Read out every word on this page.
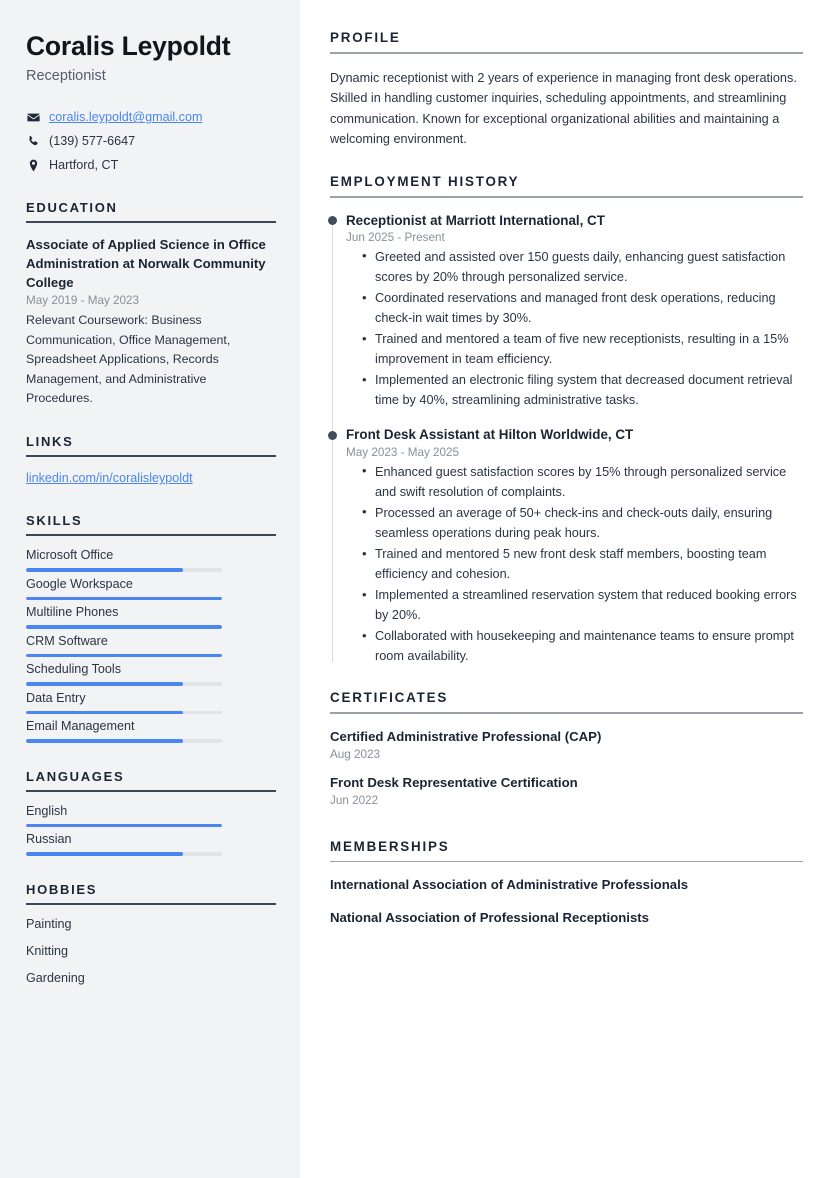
Coralis Leypoldt
Receptionist
coralis.leypoldt@gmail.com
(139) 577-6647
Hartford, CT
EDUCATION
Associate of Applied Science in Office Administration at Norwalk Community College
May 2019 - May 2023
Relevant Coursework: Business Communication, Office Management, Spreadsheet Applications, Records Management, and Administrative Procedures.
LINKS
linkedin.com/in/coralisleypoldt
SKILLS
Microsoft Office
Google Workspace
Multiline Phones
CRM Software
Scheduling Tools
Data Entry
Email Management
LANGUAGES
English
Russian
HOBBIES
Painting
Knitting
Gardening
PROFILE

Dynamic receptionist with 2 years of experience in managing front desk operations. Skilled in handling customer inquiries, scheduling appointments, and streamlining communication. Known for exceptional organizational abilities and maintaining a welcoming environment.

EMPLOYMENT HISTORY
Receptionist at Marriott International, CT
Jun 2025 - Present
• Greeted and assisted over 150 guests daily, enhancing guest satisfaction scores by 20% through personalized service.
• Coordinated reservations and managed front desk operations, reducing check-in wait times by 30%.
• Trained and mentored a team of five new receptionists, resulting in a 15% improvement in team efficiency.
• Implemented an electronic filing system that decreased document retrieval time by 40%, streamlining administrative tasks.
Front Desk Assistant at Hilton Worldwide, CT
May 2023 - May 2025
• Enhanced guest satisfaction scores by 15% through personalized service and swift resolution of complaints.
• Processed an average of 50+ check-ins and check-outs daily, ensuring seamless operations during peak hours.
• Trained and mentored 5 new front desk staff members, boosting team efficiency and cohesion.
• Implemented a streamlined reservation system that reduced booking errors by 20%.
• Collaborated with housekeeping and maintenance teams to ensure prompt room availability.
CERTIFICATES
Certified Administrative Professional (CAP)
Aug 2023
Front Desk Representative Certification
Jun 2022
MEMBERSHIPS
International Association of Administrative Professionals
National Association of Professional Receptionists
